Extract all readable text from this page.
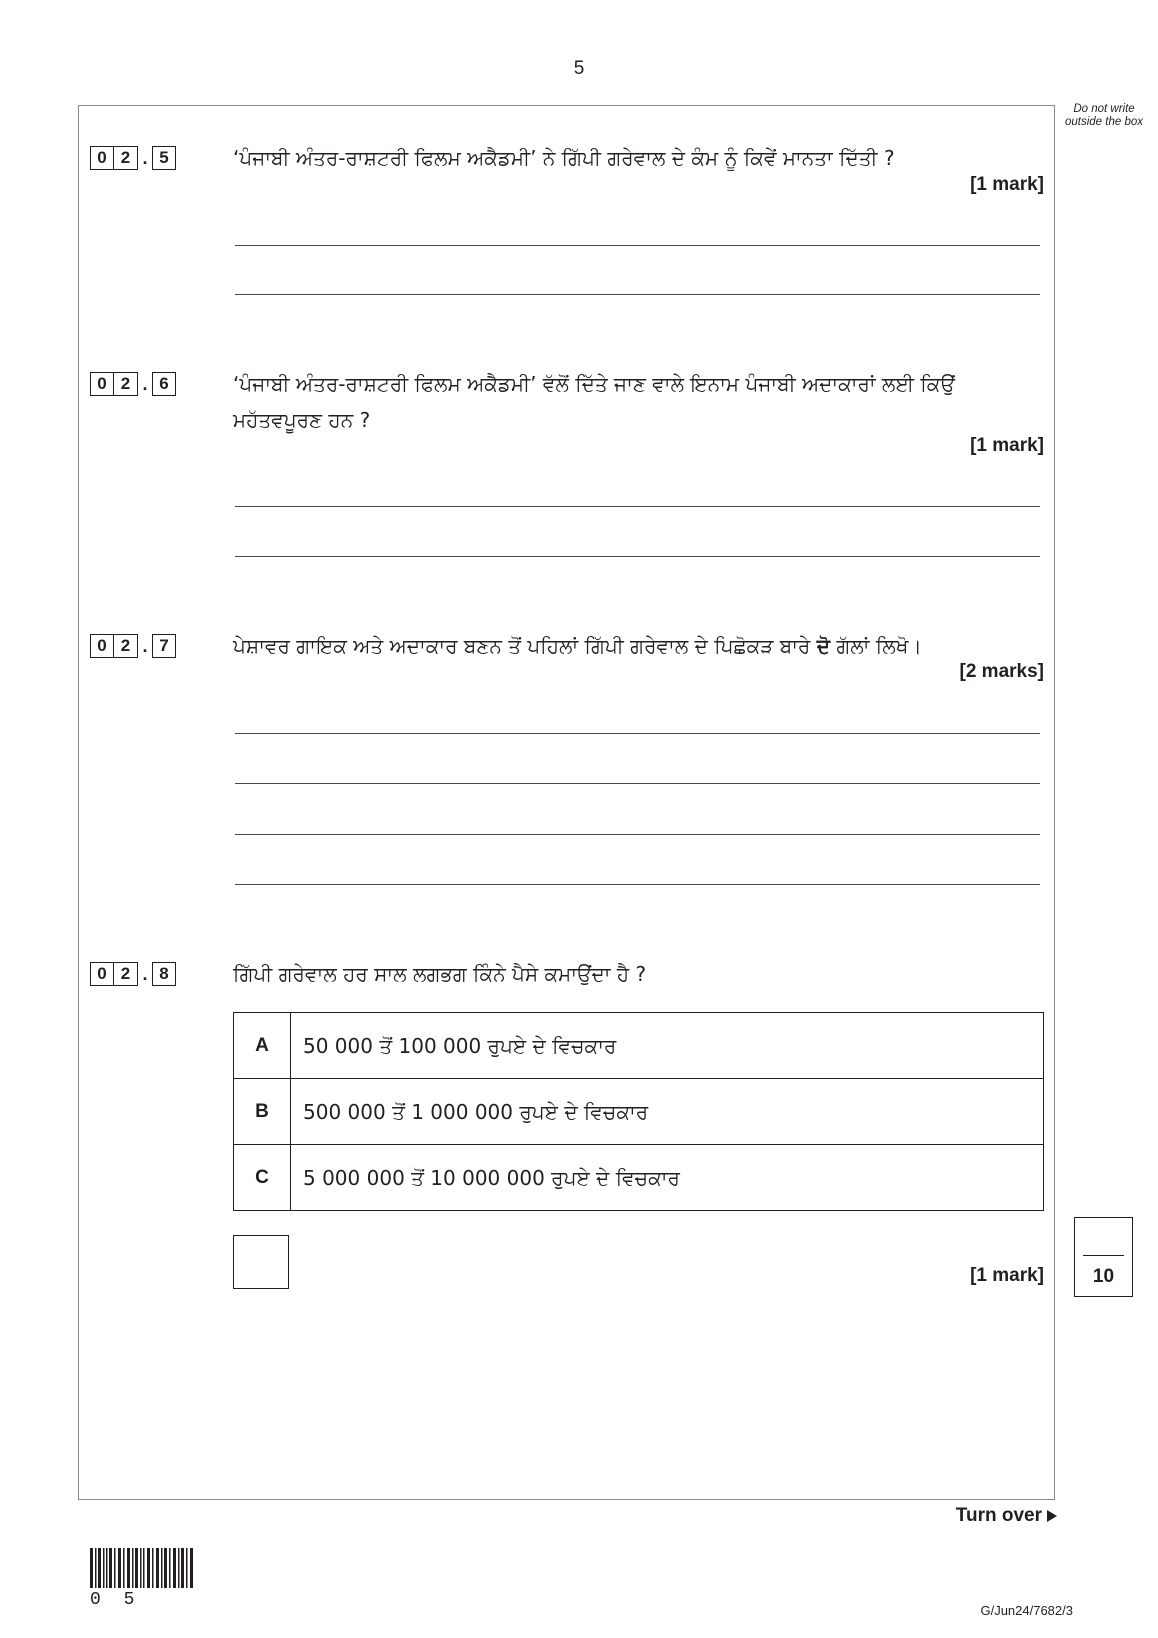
5
Do not write outside the box
0 2 . 5	‘ਪੰਜਾਬੀ ਅੰਤਰ-ਰਾਸ਼ਟਰੀ ਫਿਲਮ ਅਕੈਡਮੀ’ ਨੇ ਗਿੱਪੀ ਗਰੇਵਾਲ ਦੇ ਕੰਮ ਨੂੰ ਕਿਵੇਂ ਮਾਨਤਾ ਦਿੱਤੀ ?
[1 mark]
0 2 . 6	‘ਪੰਜਾਬੀ ਅੰਤਰ-ਰਾਸ਼ਟਰੀ ਫਿਲਮ ਅਕੈਡਮੀ’ ਵੱਲੋਂ ਦਿੱਤੇ ਜਾਣ ਵਾਲੇ ਇਨਾਮ ਪੰਜਾਬੀ ਅਦਾਕਾਰਾਂ ਲਈ ਕਿਉਂ ਮਹੱਤਵਪੂਰਣ ਹਨ ?
[1 mark]
0 2 . 7	ਪੇਸ਼ਾਵਰ ਗਾਇਕ ਅਤੇ ਅਦਾਕਾਰ ਬਣਨ ਤੋਂ ਪਹਿਲਾਂ ਗਿੱਪੀ ਗਰੇਵਾਲ ਦੇ ਪਿਛੋਕੜ ਬਾਰੇ ਦੋ ਗੱਲਾਂ ਲਿਖੋ।
[2 marks]
0 2 . 8	ਗਿੱਪੀ ਗਰੇਵਾਲ ਹਰ ਸਾਲ ਲਗਭਗ ਕਿੰਨੇ ਪੈਸੇ ਕਮਾਉਂਦਾ ਹੈ ?
A	50 000 ਤੋਂ 100 000 ਰੁਪਏ ਦੇ ਵਿਚਕਾਰ
B	500 000 ਤੋਂ 1 000 000 ਰੁਪਏ ਦੇ ਵਿਚਕਾਰ
C	5 000 000 ਤੋਂ 10 000 000 ਰੁਪਏ ਦੇ ਵਿਚਕਾਰ
[1 mark]	10
Turn over
0 5
G/Jun24/7682/3
